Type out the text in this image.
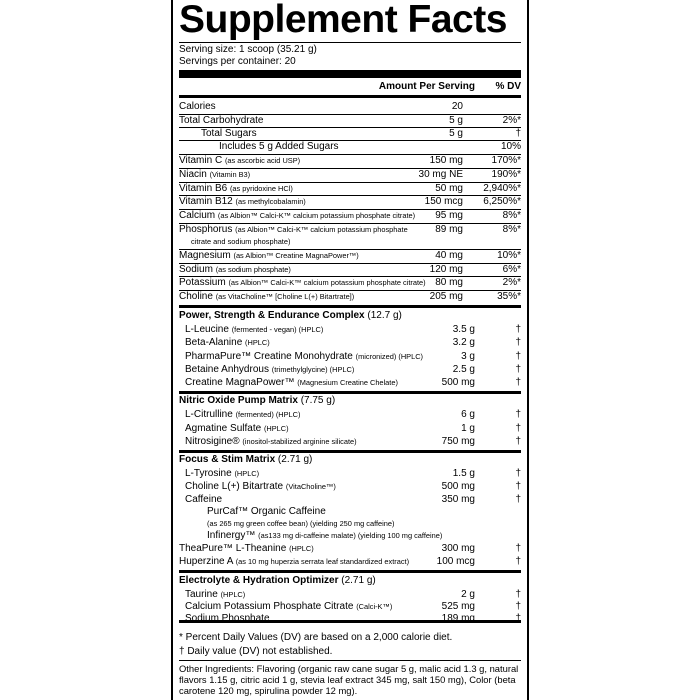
Supplement Facts
Serving size: 1 scoop (35.21 g)
Servings per container: 20
Amount Per Serving % DV
Calories	20
Total Carbohydrate	5 g	2%*
Total Sugars	5 g	†
Includes 5 g Added Sugars	10%
Vitamin C (as ascorbic acid USP)	150 mg	170%*
Niacin (Vitamin B3)	30 mg NE	190%*
Vitamin B6 (as pyridoxine HCl)	50 mg 2,940%*
Vitamin B12 (as methylcobalamin)	150 mcg 6,250%*
Calcium (as Albion™ Calci-K™ calcium potassium phosphate citrate) 95 mg	8%*
Phosphorus (as Albion™ Calci-K™ calcium potassium phosphate	89 mg	8%*
citrate and sodium phosphate)
Magnesium (as Albion™ Creatine MagnaPower™)	40 mg	10%*
Sodium (as sodium phosphate)	120 mg	6%*
Potassium (as Albion™ Calci-K™ calcium potassium phosphate citrate) 80 mg	2%*
Choline (as VitaCholine™ [Choline L(+) Bitartrate])	205 mg	35%*
Power, Strength & Endurance Complex (12.7 g)
L-Leucine (fermented - vegan) (HPLC)	3.5 g	†
Beta-Alanine (HPLC)	3.2 g	†
PharmaPure™ Creatine Monohydrate (micronized) (HPLC)	3 g	†
Betaine Anhydrous (trimethylglycine) (HPLC)	2.5 g	†
Creatine MagnaPower™ (Magnesium Creatine Chelate)	500 mg	†
Nitric Oxide Pump Matrix (7.75 g)
L-Citrulline (fermented) (HPLC)	6 g	†
Agmatine Sulfate (HPLC)	1 g	†
Nitrosigine® (inositol-stabilized arginine silicate)	750 mg	†
Focus & Stim Matrix (2.71 g)
L-Tyrosine (HPLC)	1.5 g	†
Choline L(+) Bitartrate (VitaCholine™)	500 mg	†
Caffeine	350 mg	†
PurCaf™ Organic Caffeine
(as 265 mg green coffee bean) (yielding 250 mg caffeine)
Infinergy™ (as133 mg di-caffeine malate) (yielding 100 mg caffeine)
TheaPure™ L-Theanine (HPLC)	300 mg	†
Huperzine A (as 10 mg huperzia serrata leaf standardized extract)	100 mcg	†
Electrolyte & Hydration Optimizer (2.71 g)
Taurine (HPLC)	2 g	†
Calcium Potassium Phosphate Citrate (Calci-K™)	525 mg	†
Sodium Phosphate	189 mg	†
* Percent Daily Values (DV) are based on a 2,000 calorie diet.
† Daily value (DV) not established.
Other Ingredients: Flavoring (organic raw cane sugar 5 g, malic acid 1.3 g, natural flavors 1.15 g, citric acid 1 g, stevia leaf extract 345 mg, salt 150 mg), Color (beta carotene 120 mg, spirulina powder 12 mg).
